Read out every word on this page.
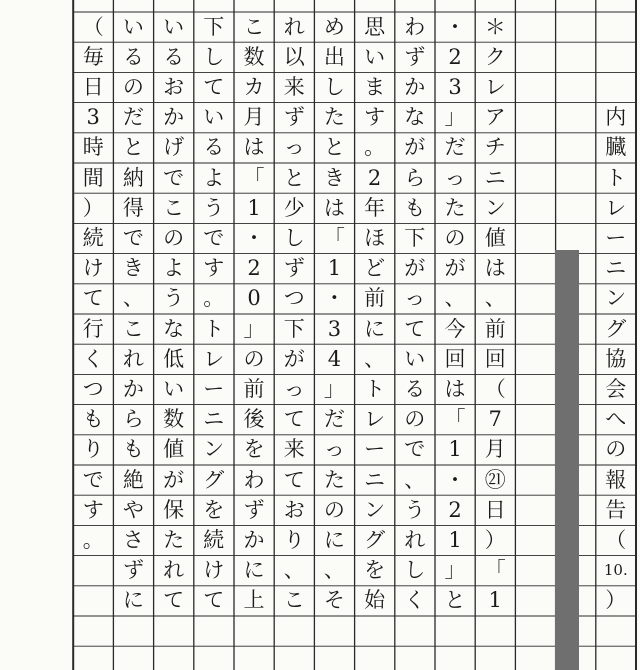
内
臓
ト
レ
ー
ニ
ン
グ
協
会
へ
の
報
告
（
10.
）
＊
ク
レ
ア
チ
ニ
ン
値
は
、
前
回
（
7
月
㉑
日
）
「
1
・
2
3
」
だ
っ
た
の
が
、
今
回
は
「
1
・
2
1
」
と
わ
ず
か
な
が
ら
も
下
が
っ
て
い
る
の
で
、
う
れ
し
く
思
い
ま
す
。
2
年
ほ
ど
前
に
、
ト
レ
ー
ニ
ン
グ
を
始
め
出
し
た
と
き
は
「
1
・
3
4
」
だ
っ
た
の
に
、
そ
れ
以
来
ず
っ
と
少
し
ず
つ
下
が
っ
て
来
て
お
り
、
こ
こ
数
カ
月
は
「
1
・
2
0
」
の
前
後
を
わ
ず
か
に
上
下
し
て
い
る
よ
う
で
す
。
ト
レ
ー
ニ
ン
グ
を
続
け
て
い
る
お
か
げ
で
こ
の
よ
う
な
低
い
数
値
が
保
た
れ
て
い
る
の
だ
と
納
得
で
き
、
こ
れ
か
ら
も
絶
や
さ
ず
に
（
毎
日
3
時
間
）
続
け
て
行
く
つ
も
り
で
す
。
